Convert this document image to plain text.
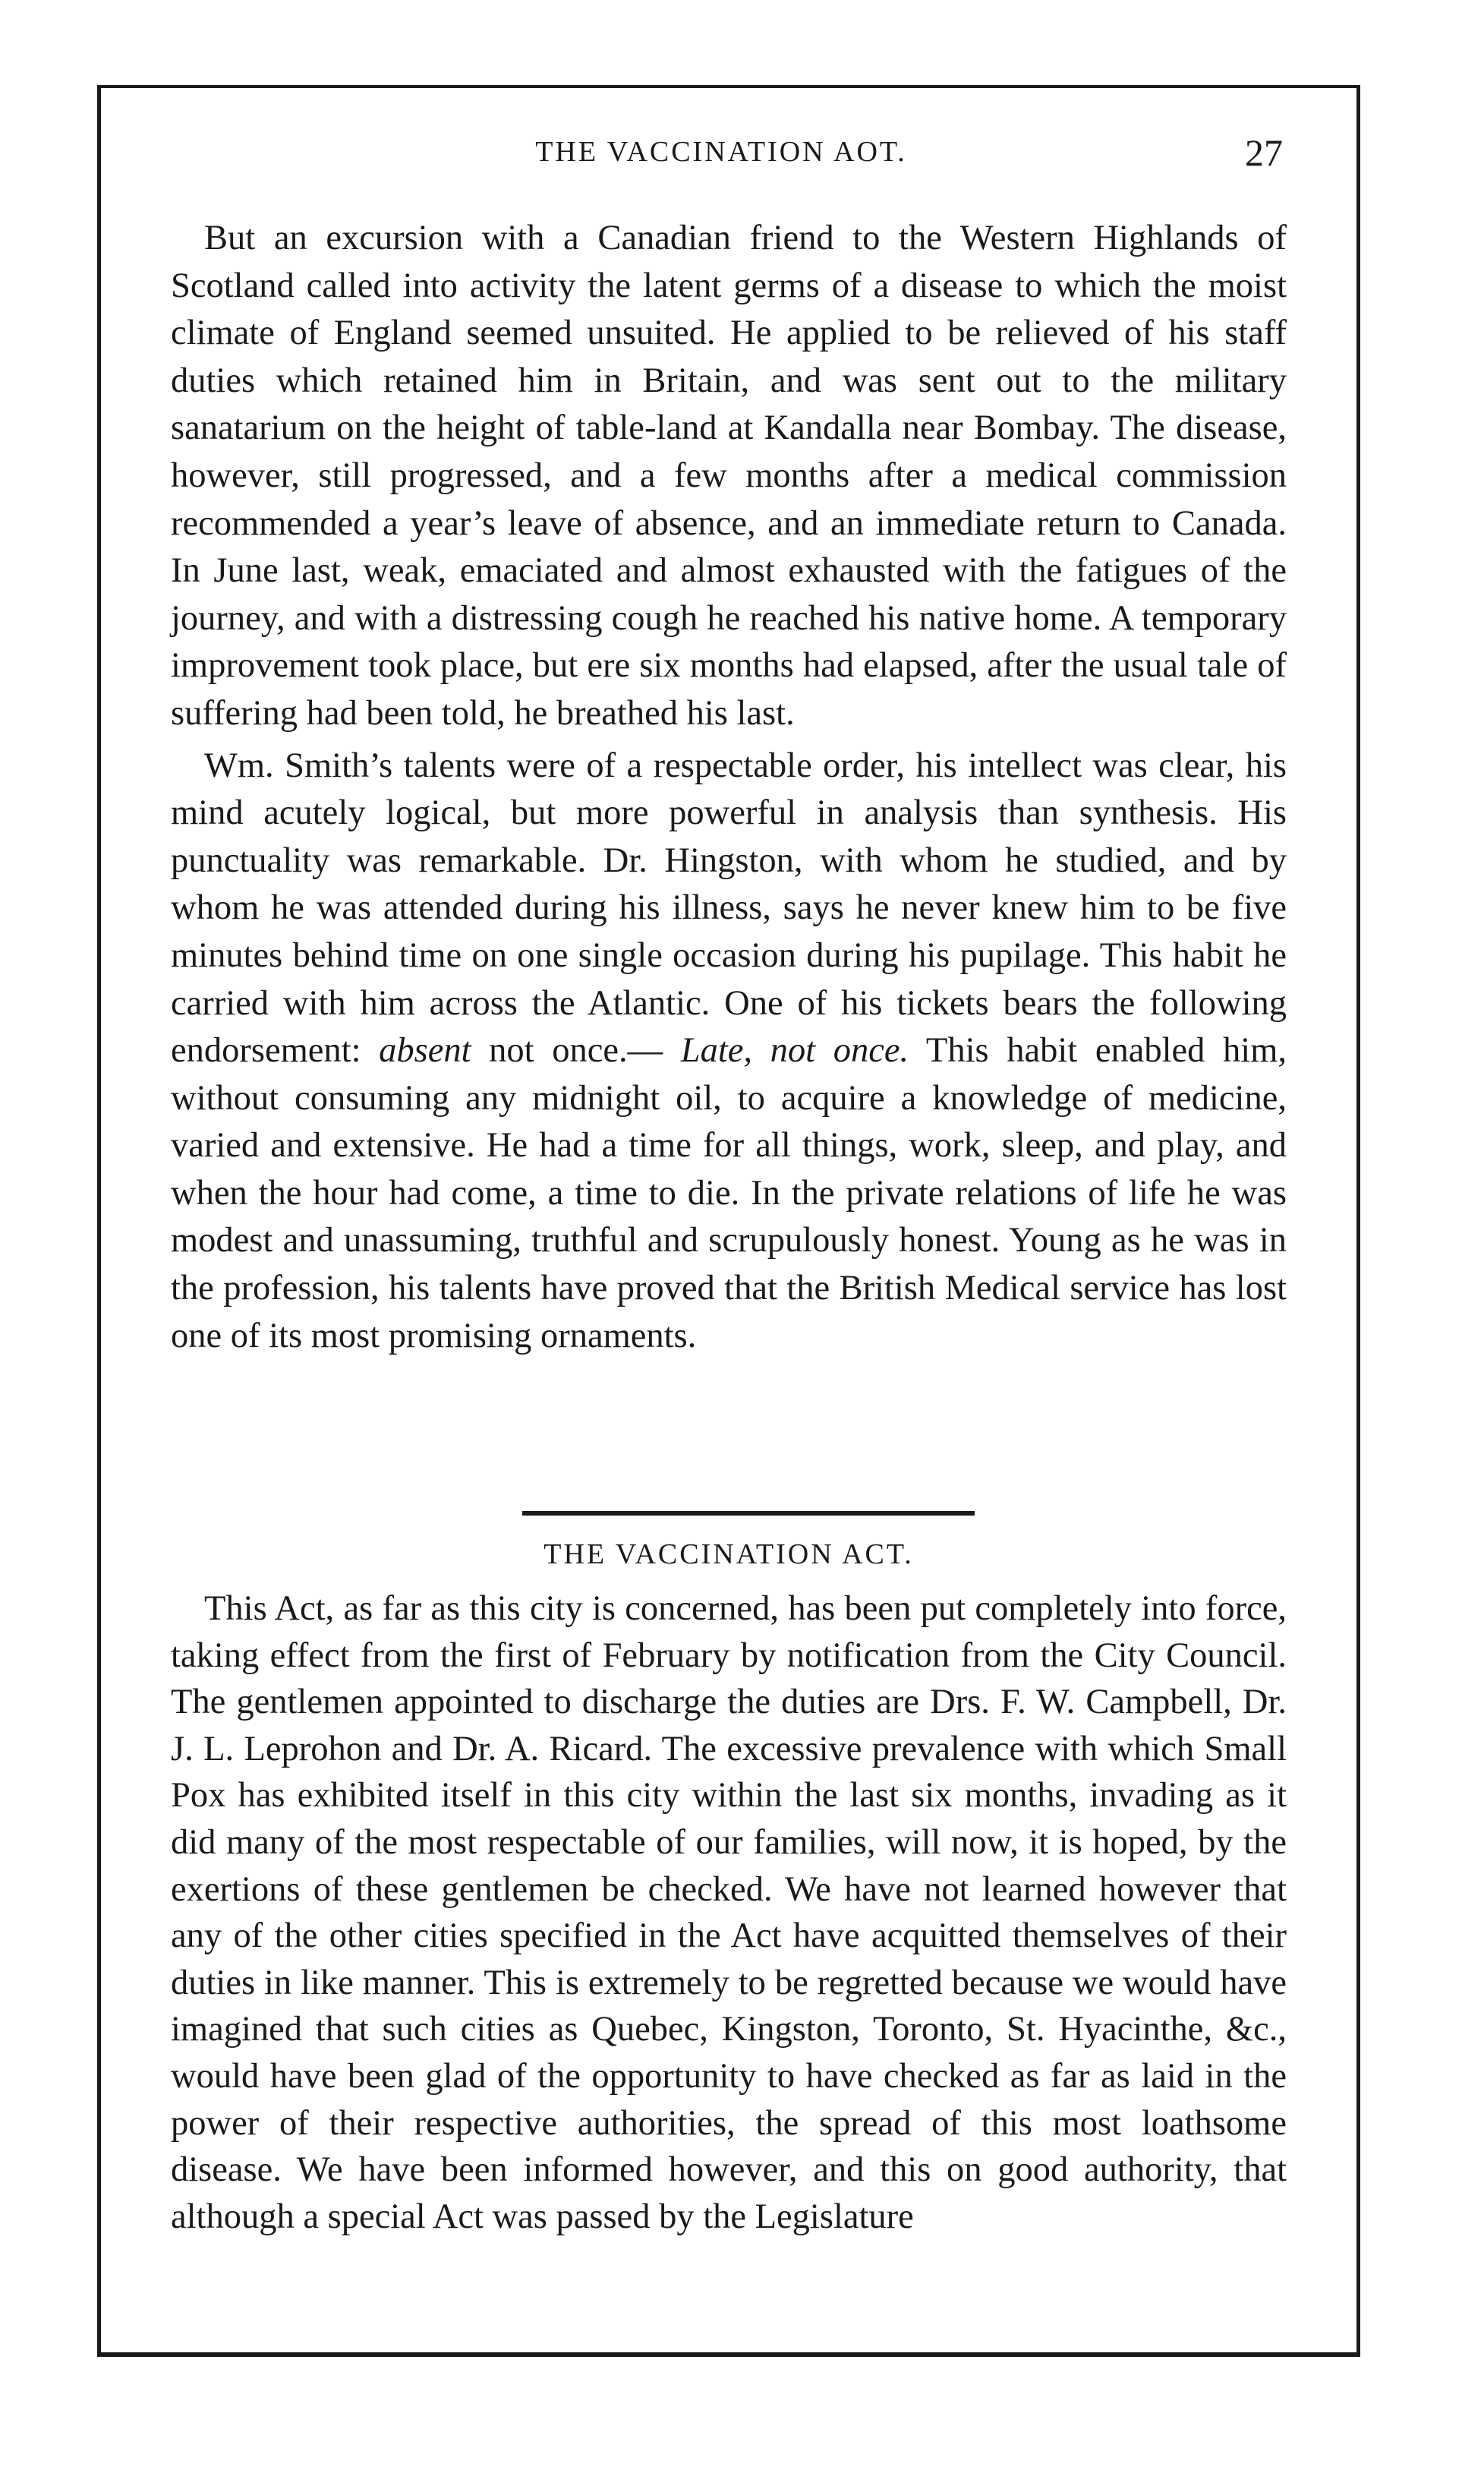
THE VACCINATION AOT.	27

But an excursion with a Canadian friend to the Western Highlands of Scotland called into activity the latent germs of a disease to which the moist climate of England seemed unsuited. He applied to be relieved of his staff duties which retained him in Britain, and was sent out to the military sanatarium on the height of table-land at Kandalla near Bombay. The disease, however, still progressed, and a few months after a medical commission recommended a year’s leave of absence, and an immediate return to Canada. In June last, weak, emaciated and almost exhausted with the fatigues of the journey, and with a distressing cough he reached his native home. A temporary improvement took place, but ere six months had elapsed, after the usual tale of suffering had been told, he breathed his last.

Wm. Smith’s talents were of a respectable order, his intellect was clear, his mind acutely logical, but more powerful in analysis than synthesis. His punctuality was remarkable. Dr. Hingston, with whom he studied, and by whom he was attended during his illness, says he never knew him to be five minutes behind time on one single occasion during his pupilage. This habit he carried with him across the Atlantic. One of his tickets bears the following endorsement: absent not once.— Late, not once. This habit enabled him, without consuming any midnight oil, to acquire a knowledge of medicine, varied and extensive. He had a time for all things, work, sleep, and play, and when the hour had come, a time to die. In the private relations of life he was modest and unassuming, truthful and scrupulously honest. Young as he was in the profession, his talents have proved that the British Medical service has lost one of its most promising ornaments.

THE VACCINATION ACT.

This Act, as far as this city is concerned, has been put completely into force, taking effect from the first of February by notification from the City Council. The gentlemen appointed to discharge the duties are Drs. F. W. Campbell, Dr. J. L. Leprohon and Dr. A. Ricard. The excessive prevalence with which Small Pox has exhibited itself in this city within the last six months, invading as it did many of the most respectable of our families, will now, it is hoped, by the exertions of these gentlemen be checked. We have not learned however that any of the other cities specified in the Act have acquitted themselves of their duties in like manner. This is extremely to be regretted because we would have imagined that such cities as Quebec, Kingston, Toronto, St. Hyacinthe, &c., would have been glad of the opportunity to have checked as far as laid in the power of their respective authorities, the spread of this most loathsome disease. We have been informed however, and this on good authority, that although a special Act was passed by the Legislature
